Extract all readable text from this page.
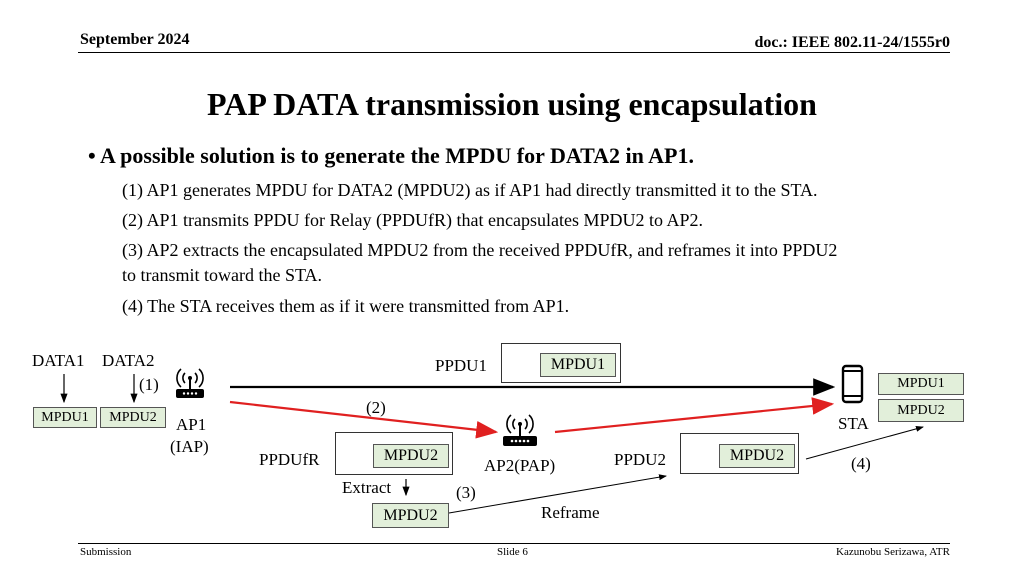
September 2024	doc.: IEEE 802.11-24/1555r0
PAP DATA transmission using encapsulation
• A possible solution is to generate the MPDU for DATA2 in AP1.
(1) AP1 generates MPDU for DATA2 (MPDU2) as if AP1 had directly transmitted it to the STA.
(2) AP1 transmits PPDU for Relay (PPDUfR) that encapsulates MPDU2 to AP2.
(3) AP2 extracts the encapsulated MPDU2 from the received PPDUfR, and reframes it into PPDU2
to transmit toward the STA.
(4) The STA receives them as if it were transmitted from AP1.
DATA1 DATA2
(1)
MPDU1	MPDU2	AP1
(IAP)
PPDU1	MPDU1
(2)
PPDUfR	MPDU2
AP2(PAP)
Extract	(3)
MPDU2	Reframe
PPDU2	MPDU2	(4)
STA
MPDU1
MPDU2
Submission	Slide 6	Kazunobu Serizawa, ATR
